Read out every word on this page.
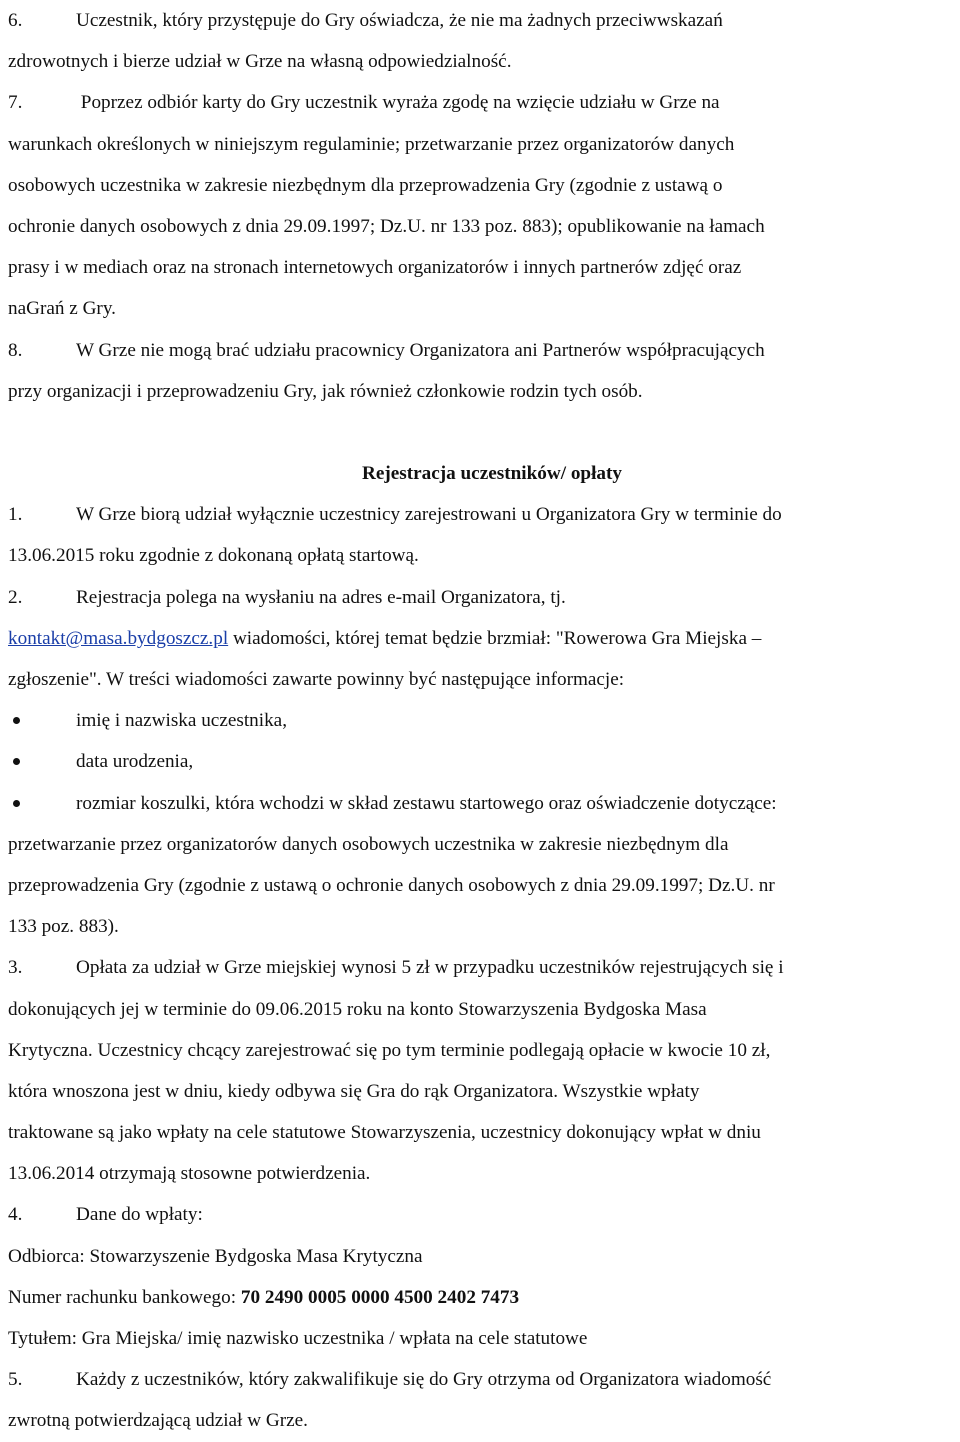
6.	Uczestnik, który przystępuje do Gry oświadcza, że nie ma żadnych przeciwwskazań
zdrowotnych i bierze udział w Grze na własną odpowiedzialność.
7.	Poprzez odbiór karty do Gry uczestnik wyraża zgodę na wzięcie udziału w Grze na
warunkach określonych w niniejszym regulaminie; przetwarzanie przez organizatorów danych
osobowych uczestnika w zakresie niezbędnym dla przeprowadzenia Gry (zgodnie z ustawą o
ochronie danych osobowych z dnia 29.09.1997; Dz.U. nr 133 poz. 883); opublikowanie na łamach
prasy i w mediach oraz na stronach internetowych organizatorów i innych partnerów zdjęć oraz
naGrań z Gry.
8.	W Grze nie mogą brać udziału pracownicy Organizatora ani Partnerów współpracujących
przy organizacji i przeprowadzeniu Gry, jak również członkowie rodzin tych osób.
Rejestracja uczestników/ opłaty
1.	W Grze biorą udział wyłącznie uczestnicy zarejestrowani u Organizatora Gry w terminie do
13.06.2015 roku zgodnie z dokonaną opłatą startową.
2.	Rejestracja polega na wysłaniu na adres e-mail Organizatora, tj.
kontakt@masa.bydgoszcz.pl wiadomości, której temat będzie brzmiał: "Rowerowa Gra Miejska –
zgłoszenie". W treści wiadomości zawarte powinny być następujące informacje:
imię i nazwiska uczestnika,
data urodzenia,
rozmiar koszulki, która wchodzi w skład zestawu startowego oraz oświadczenie dotyczące:
przetwarzanie przez organizatorów danych osobowych uczestnika w zakresie niezbędnym dla
przeprowadzenia Gry (zgodnie z ustawą o ochronie danych osobowych z dnia 29.09.1997; Dz.U. nr
133 poz. 883).
3.	Opłata za udział w Grze miejskiej wynosi 5 zł w przypadku uczestników rejestrujących się i
dokonujących jej w terminie do 09.06.2015 roku na konto Stowarzyszenia Bydgoska Masa
Krytyczna. Uczestnicy chcący zarejestrować się po tym terminie podlegają opłacie w kwocie 10 zł,
która wnoszona jest w dniu, kiedy odbywa się Gra do rąk Organizatora. Wszystkie wpłaty
traktowane są jako wpłaty na cele statutowe Stowarzyszenia, uczestnicy dokonujący wpłat w dniu
13.06.2014 otrzymają stosowne potwierdzenia.
4.	Dane do wpłaty:
Odbiorca: Stowarzyszenie Bydgoska Masa Krytyczna
Numer rachunku bankowego: 70 2490 0005 0000 4500 2402 7473
Tytułem: Gra Miejska/ imię nazwisko uczestnika / wpłata na cele statutowe
5.	Każdy z uczestników, który zakwalifikuje się do Gry otrzyma od Organizatora wiadomość
zwrotną potwierdzającą udział w Grze.
